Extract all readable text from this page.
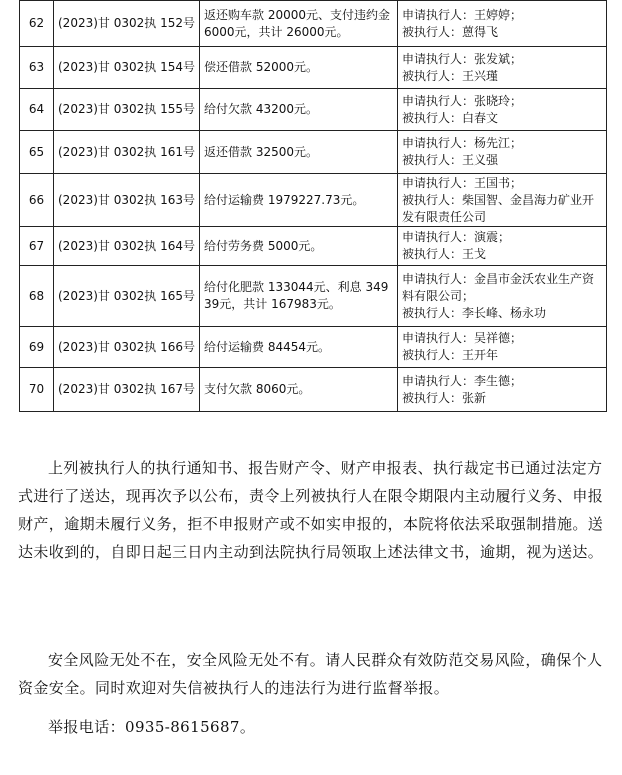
62	(2023)甘 0302执 152号	返还购车款 20000元、支付违约金 6000元，共计 26000元。	申请执行人：王婷婷；
被执行人：蒽得飞

63	(2023)甘 0302执 154号	偿还借款 52000元。	申请执行人：张发斌；
被执行人：王兴瑾

64	(2023)甘 0302执 155号	给付欠款 43200元。	申请执行人：张晓玲；
被执行人：白春文

65	(2023)甘 0302执 161号	返还借款 32500元。	申请执行人：杨先江；
被执行人：王义强

66	(2023)甘 0302执 163号	给付运输费 1979227.73元。	申请执行人：王国书；
被执行人：柴国智、金昌海力矿业开发有限责任公司

67	(2023)甘 0302执 164号	给付劳务费 5000元。	申请执行人：演震；
被执行人：王戈

68	(2023)甘 0302执 165号	给付化肥款 133044元、利息 34939元，共计 167983元。	申请执行人：金昌市金沃农业生产资料有限公司；
被执行人：李长峰、杨永功

69	(2023)甘 0302执 166号	给付运输费 84454元。	申请执行人：吴祥德；
被执行人：王开年

70	(2023)甘 0302执 167号	支付欠款 8060元。	申请执行人：李生德；
被执行人：张新

上列被执行人的执行通知书、报告财产令、财产申报表、执行裁定书已通过法定方式进行了送达，现再次予以公布，责令上列被执行人在限令期限内主动履行义务、申报财产，逾期未履行义务，拒不申报财产或不如实申报的，本院将依法采取强制措施。送达未收到的，自即日起三日内主动到法院执行局领取上述法律文书，逾期，视为送达。

安全风险无处不在，安全风险无处不有。请人民群众有效防范交易风险，确保个人资金安全。同时欢迎对失信被执行人的违法行为进行监督举报。

举报电话：0935-8615687。
